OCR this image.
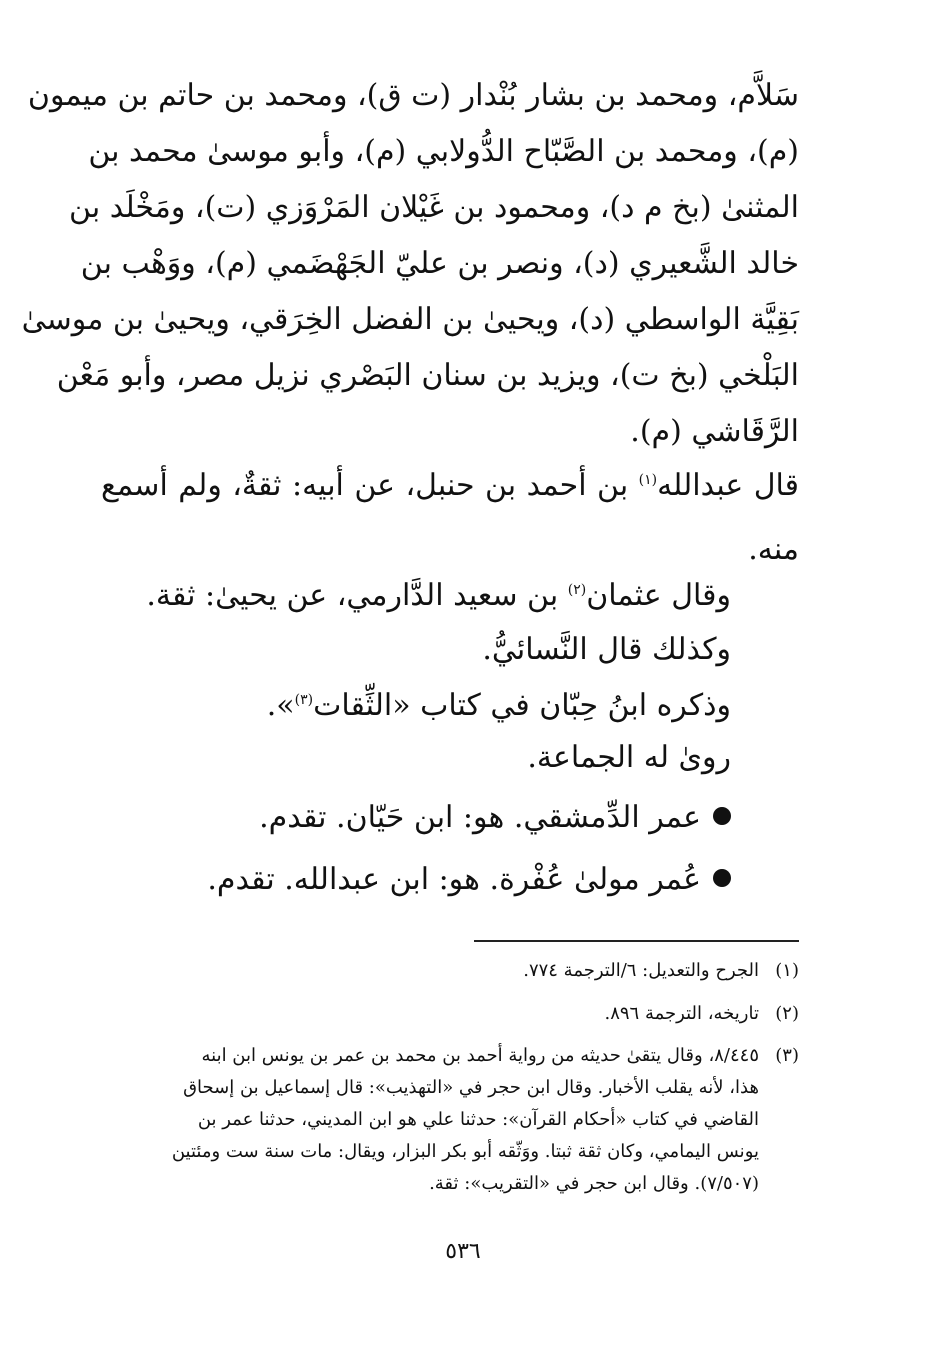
سَلاَّم، ومحمد بن بشار بُنْدار (ت ق)، ومحمد بن حاتم بن ميمون
(م)، ومحمد بن الصَّبّاح الدُّولابي (م)، وأبو موسىٰ محمد بن
المثنىٰ (بخ م د)، ومحمود بن غَيْلان المَرْوَزي (ت)، ومَخْلَد بن
خالد الشَّعيري (د)، ونصر بن عليّ الجَهْضَمي (م)، ووَهْب بن
بَقِيَّة الواسطي (د)، ويحيىٰ بن الفضل الخِرَقي، ويحيىٰ بن موسىٰ
البَلْخي (بخ ت)، ويزيد بن سنان البَصْري نزيل مصر، وأبو مَعْن
الرَّقَاشي (م).
قال عبدالله$^{(١)}$ بن أحمد بن حنبل، عن أبيه: ثقةٌ، ولم أسمع
منه.
وقال عثمان$^{(٢)}$ بن سعيد الدَّارمي، عن يحيىٰ: ثقة.
وكذلك قال النَّسائيُّ.
وذكره ابنُ حِبّان في كتاب «الثِّقات$^{(٣)}$».
روىٰ له الجماعة.
عمر الدِّمشقي. هو: ابن حَيّان. تقدم.
عُمر مولىٰ عُفْرة. هو: ابن عبدالله. تقدم.
(١)
الجرح والتعديل: ٦/الترجمة ٧٧٤.
(٢)
تاريخه، الترجمة ٨٩٦.
(٣)
٨/٤٤٥، وقال يتقىٰ حديثه من رواية أحمد بن محمد بن عمر بن يونس ابن ابنه
هذا، لأنه يقلب الأخبار. وقال ابن حجر في «التهذيب»: قال إسماعيل بن إسحاق
القاضي في كتاب «أحكام القرآن»: حدثنا علي هو ابن المديني، حدثنا عمر بن
يونس اليمامي، وكان ثقة ثبتا. ووَثّقه أبو بكر البزار، ويقال: مات سنة ست ومئتين
(٧/٥٠٧). وقال ابن حجر في «التقريب»: ثقة.
٥٣٦
